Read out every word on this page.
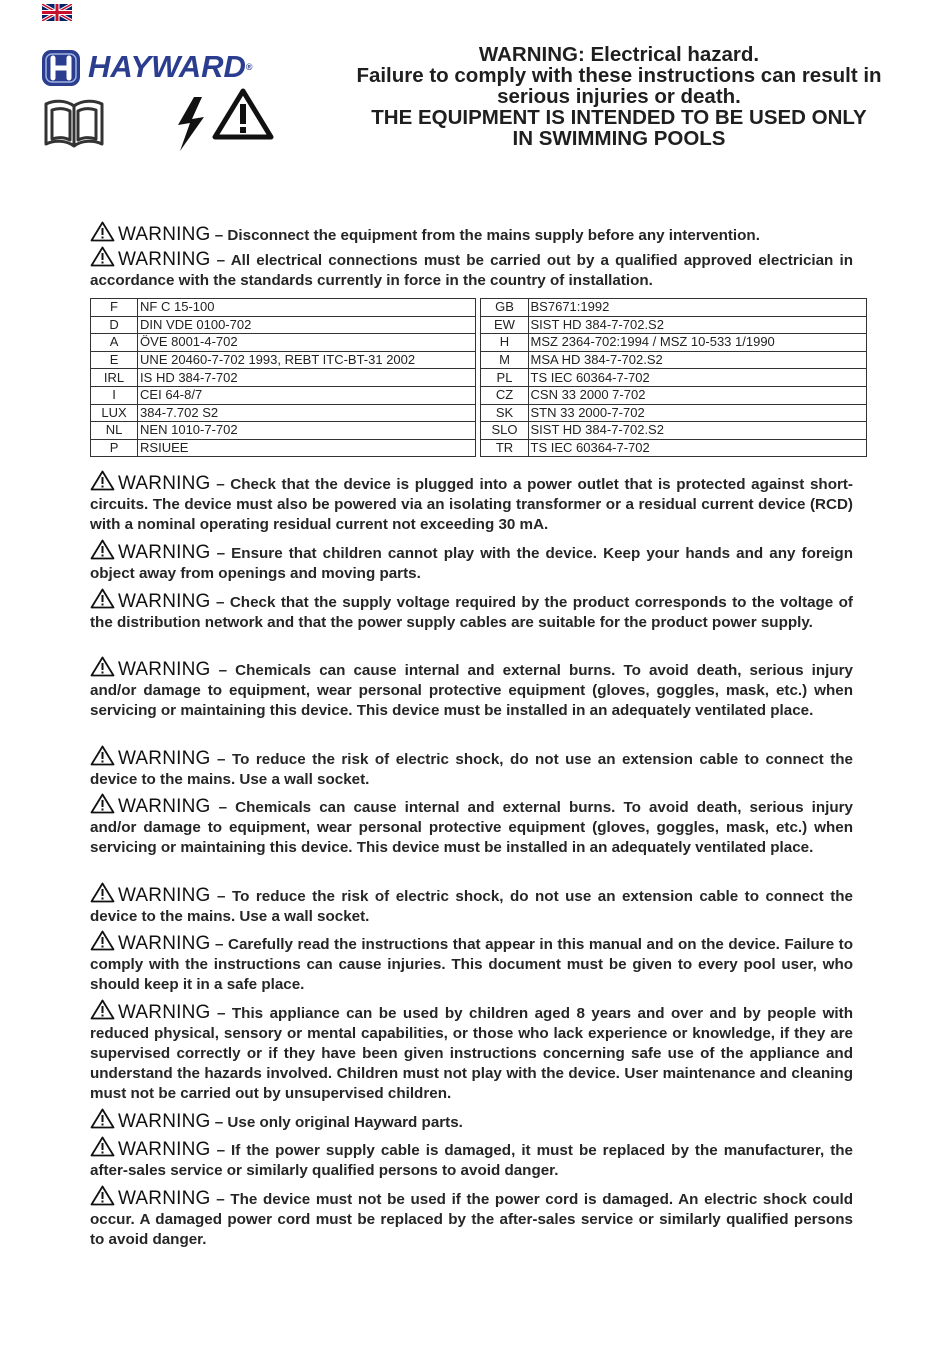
HAYWARD®
WARNING: Electrical hazard.
Failure to comply with these instructions can result in
serious injuries or death.
THE EQUIPMENT IS INTENDED TO BE USED ONLY
IN SWIMMING POOLS
WARNING – Disconnect the equipment from the mains supply before any intervention.
WARNING – All electrical connections must be carried out by a qualified approved electrician in accordance with the standards currently in force in the country of installation.
F	NF C 15-100		GB	BS7671:1992
D	DIN VDE 0100-702		EW	SIST HD 384-7-702.S2
A	ÖVE 8001-4-702		H	MSZ 2364-702:1994 / MSZ 10-533 1/1990
E	UNE 20460-7-702 1993, REBT ITC-BT-31 2002		M	MSA HD 384-7-702.S2
IRL	IS HD 384-7-702		PL	TS IEC 60364-7-702
I	CEI 64-8/7		CZ	CSN 33 2000 7-702
LUX	384-7.702 S2		SK	STN 33 2000-7-702
NL	NEN 1010-7-702		SLO	SIST HD 384-7-702.S2
P	RSIUEE		TR	TS IEC 60364-7-702
WARNING – Check that the device is plugged into a power outlet that is protected against short-circuits. The device must also be powered via an isolating transformer or a residual current device (RCD) with a nominal operating residual current not exceeding 30 mA.
WARNING – Ensure that children cannot play with the device. Keep your hands and any foreign object away from openings and moving parts.
WARNING – Check that the supply voltage required by the product corresponds to the voltage of the distribution network and that the power supply cables are suitable for the product power supply.
WARNING – Chemicals can cause internal and external burns. To avoid death, serious injury and/or damage to equipment, wear personal protective equipment (gloves, goggles, mask, etc.) when servicing or maintaining this device. This device must be installed in an adequately ventilated place.
WARNING – To reduce the risk of electric shock, do not use an extension cable to connect the device to the mains. Use a wall socket.
WARNING – Chemicals can cause internal and external burns. To avoid death, serious injury and/or damage to equipment, wear personal protective equipment (gloves, goggles, mask, etc.) when servicing or maintaining this device. This device must be installed in an adequately ventilated place.
WARNING – To reduce the risk of electric shock, do not use an extension cable to connect the device to the mains. Use a wall socket.
WARNING – Carefully read the instructions that appear in this manual and on the device. Failure to comply with the instructions can cause injuries. This document must be given to every pool user, who should keep it in a safe place.
WARNING – This appliance can be used by children aged 8 years and over and by people with reduced physical, sensory or mental capabilities, or those who lack experience or knowledge, if they are supervised correctly or if they have been given instructions concerning safe use of the appliance and understand the hazards involved. Children must not play with the device. User maintenance and cleaning must not be carried out by unsupervised children.
WARNING – Use only original Hayward parts.
WARNING – If the power supply cable is damaged, it must be replaced by the manufacturer, the after-sales service or similarly qualified persons to avoid danger.
WARNING – The device must not be used if the power cord is damaged. An electric shock could occur. A damaged power cord must be replaced by the after-sales service or similarly qualified persons to avoid danger.
